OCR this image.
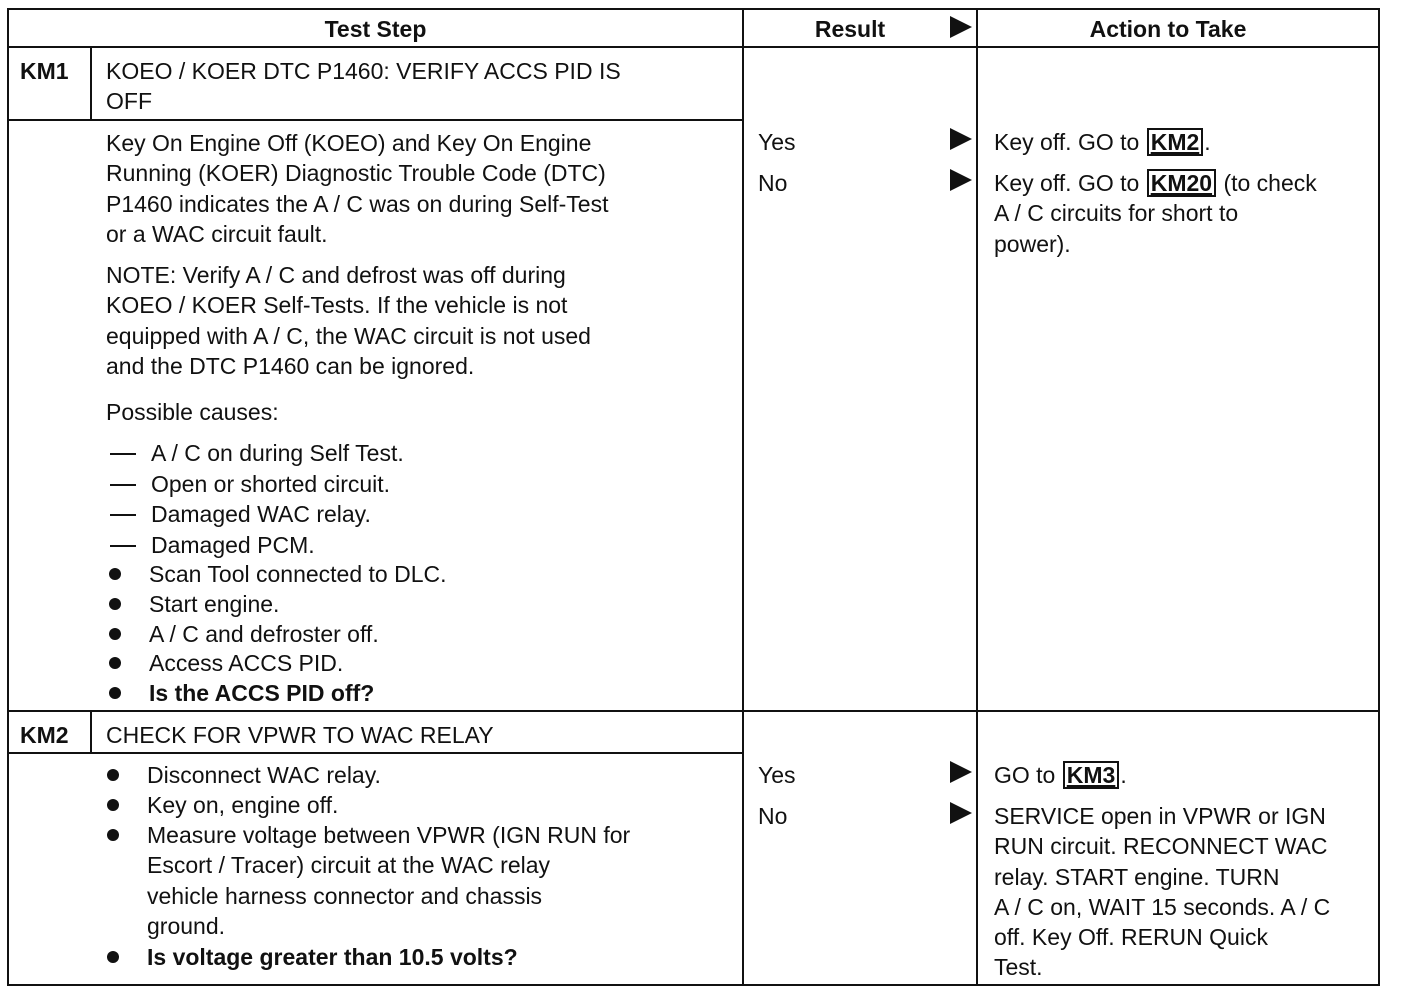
Test Step	Result	Action to Take
KM1 KOEO / KOER DTC P1460: VERIFY ACCS PID IS
OFF
Key On Engine Off (KOEO) and Key On Engine
Running (KOER) Diagnostic Trouble Code (DTC)
P1460 indicates the A / C was on during Self-Test
or a WAC circuit fault.
NOTE: Verify A / C and defrost was off during
KOEO / KOER Self-Tests. If the vehicle is not
equipped with A / C, the WAC circuit is not used
and the DTC P1460 can be ignored.
Possible causes:
A / C on during Self Test.
Open or shorted circuit.
Damaged WAC relay.
Damaged PCM.
Scan Tool connected to DLC.
Start engine.
A / C and defroster off.
Access ACCS PID.
Is the ACCS PID off?
Yes
No
Key off. GO to KM2 .
Key off. GO to KM20 (to check
A / C circuits for short to
power).
KM2 CHECK FOR VPWR TO WAC RELAY
Disconnect WAC relay.
Key on, engine off.
Measure voltage between VPWR (IGN RUN for
Escort / Tracer) circuit at the WAC relay
vehicle harness connector and chassis
ground.
Is voltage greater than 10.5 volts?
Yes
No
GO to KM3 .
SERVICE open in VPWR or IGN
RUN circuit. RECONNECT WAC
relay. START engine. TURN
A / C on, WAIT 15 seconds. A / C
off. Key Off. RERUN Quick
Test.
